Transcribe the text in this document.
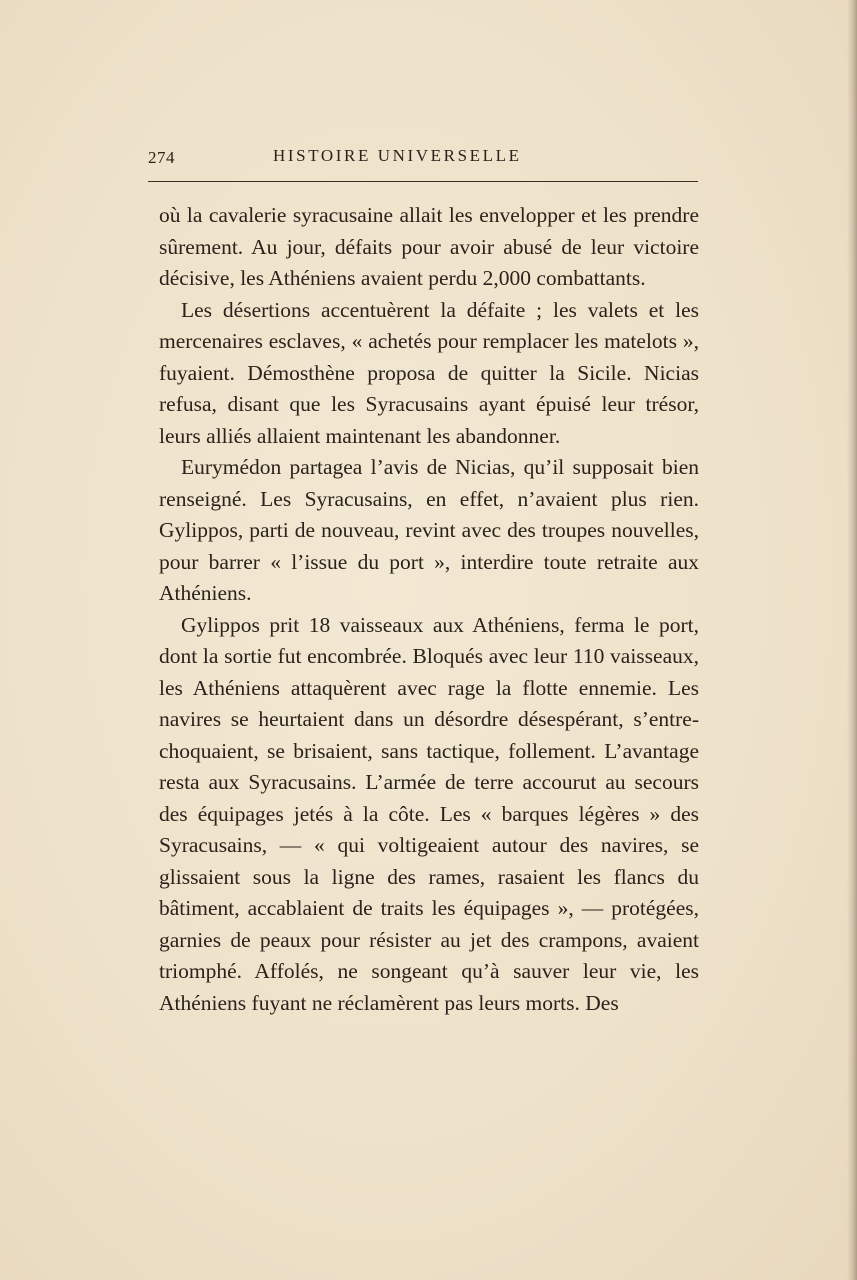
274	HISTOIRE UNIVERSELLE

où la cavalerie syracusaine allait les envelopper et les prendre sûrement. Au jour, défaits pour avoir abusé de leur victoire décisive, les Athéniens avaient perdu 2,000 combattants.

Les désertions accentuèrent la défaite ; les valets et les mercenaires esclaves, « achetés pour remplacer les matelots », fuyaient. Démosthène proposa de quitter la Sicile. Nicias refusa, disant que les Syracusains ayant épuisé leur trésor, leurs alliés allaient maintenant les abandonner.

Eurymédon partagea l’avis de Nicias, qu’il supposait bien renseigné. Les Syracusains, en effet, n’avaient plus rien. Gylippos, parti de nouveau, revint avec des troupes nouvelles, pour barrer « l’issue du port », interdire toute retraite aux Athéniens.

Gylippos prit 18 vaisseaux aux Athéniens, ferma le port, dont la sortie fut encombrée. Bloqués avec leur 110 vaisseaux, les Athéniens attaquèrent avec rage la flotte ennemie. Les navires se heurtaient dans un désordre désespérant, s’entre-choquaient, se brisaient, sans tactique, follement. L’avantage resta aux Syracusains. L’armée de terre accourut au secours des équipages jetés à la côte. Les « barques légères » des Syracusains, — « qui voltigeaient autour des navires, se glissaient sous la ligne des rames, rasaient les flancs du bâtiment, accablaient de traits les équipages », — protégées, garnies de peaux pour résister au jet des crampons, avaient triomphé. Affolés, ne songeant qu’à sauver leur vie, les Athéniens fuyant ne réclamèrent pas leurs morts. Des
